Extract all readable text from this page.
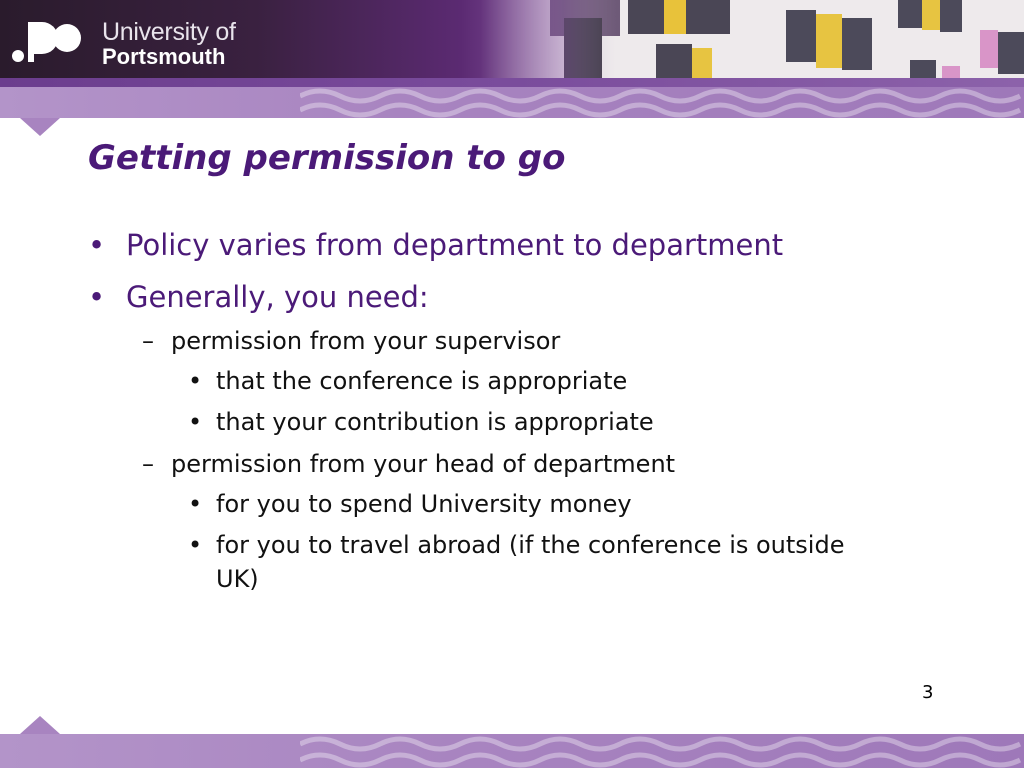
University of
Portsmouth
Getting permission to go
• Policy varies from department to department
• Generally, you need:
– permission from your supervisor
• that the conference is appropriate
• that your contribution is appropriate
– permission from your head of department
• for you to spend University money
• for you to travel abroad (if the conference is outside UK)
3
